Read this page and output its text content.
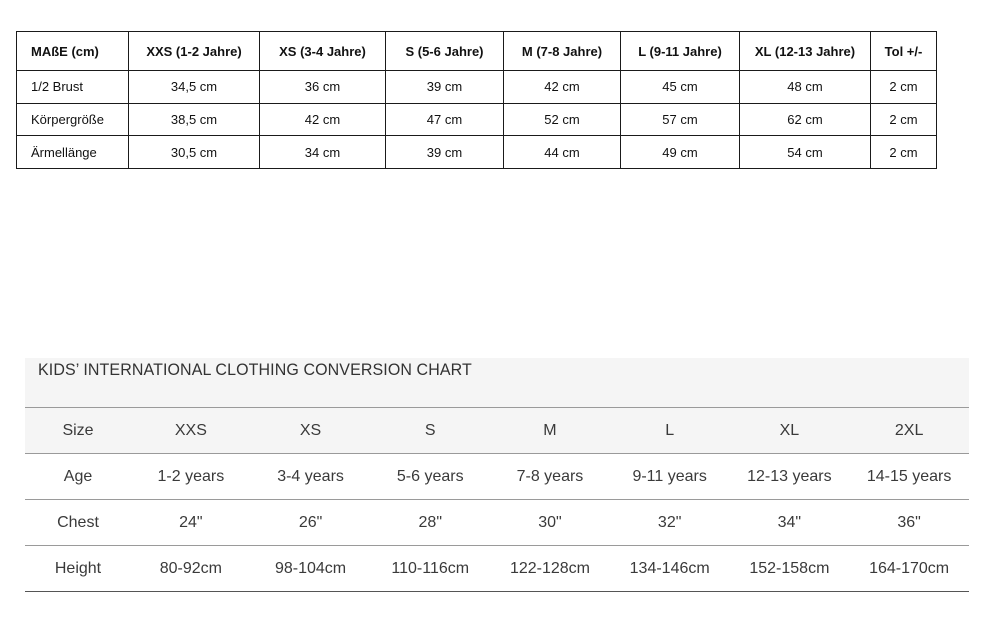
MAßE (cm)	XXS (1-2 Jahre)	XS (3-4 Jahre)	S (5-6 Jahre)	M (7-8 Jahre)	L (9-11 Jahre)	XL (12-13 Jahre)	Tol +/-
1/2 Brust	34,5 cm	36 cm	39 cm	42 cm	45 cm	48 cm	2 cm
Körpergröße	38,5 cm	42 cm	47 cm	52 cm	57 cm	62 cm	2 cm
Ärmellänge	30,5 cm	34 cm	39 cm	44 cm	49 cm	54 cm	2 cm
KIDS’ INTERNATIONAL CLOTHING CONVERSION CHART
Size	XXS	XS	S	M	L	XL	2XL
Age	1-2 years	3-4 years	5-6 years	7-8 years	9-11 years	12-13 years	14-15 years
Chest	24"	26"	28"	30"	32"	34"	36"
Height	80-92cm	98-104cm	110-116cm	122-128cm	134-146cm	152-158cm	164-170cm
